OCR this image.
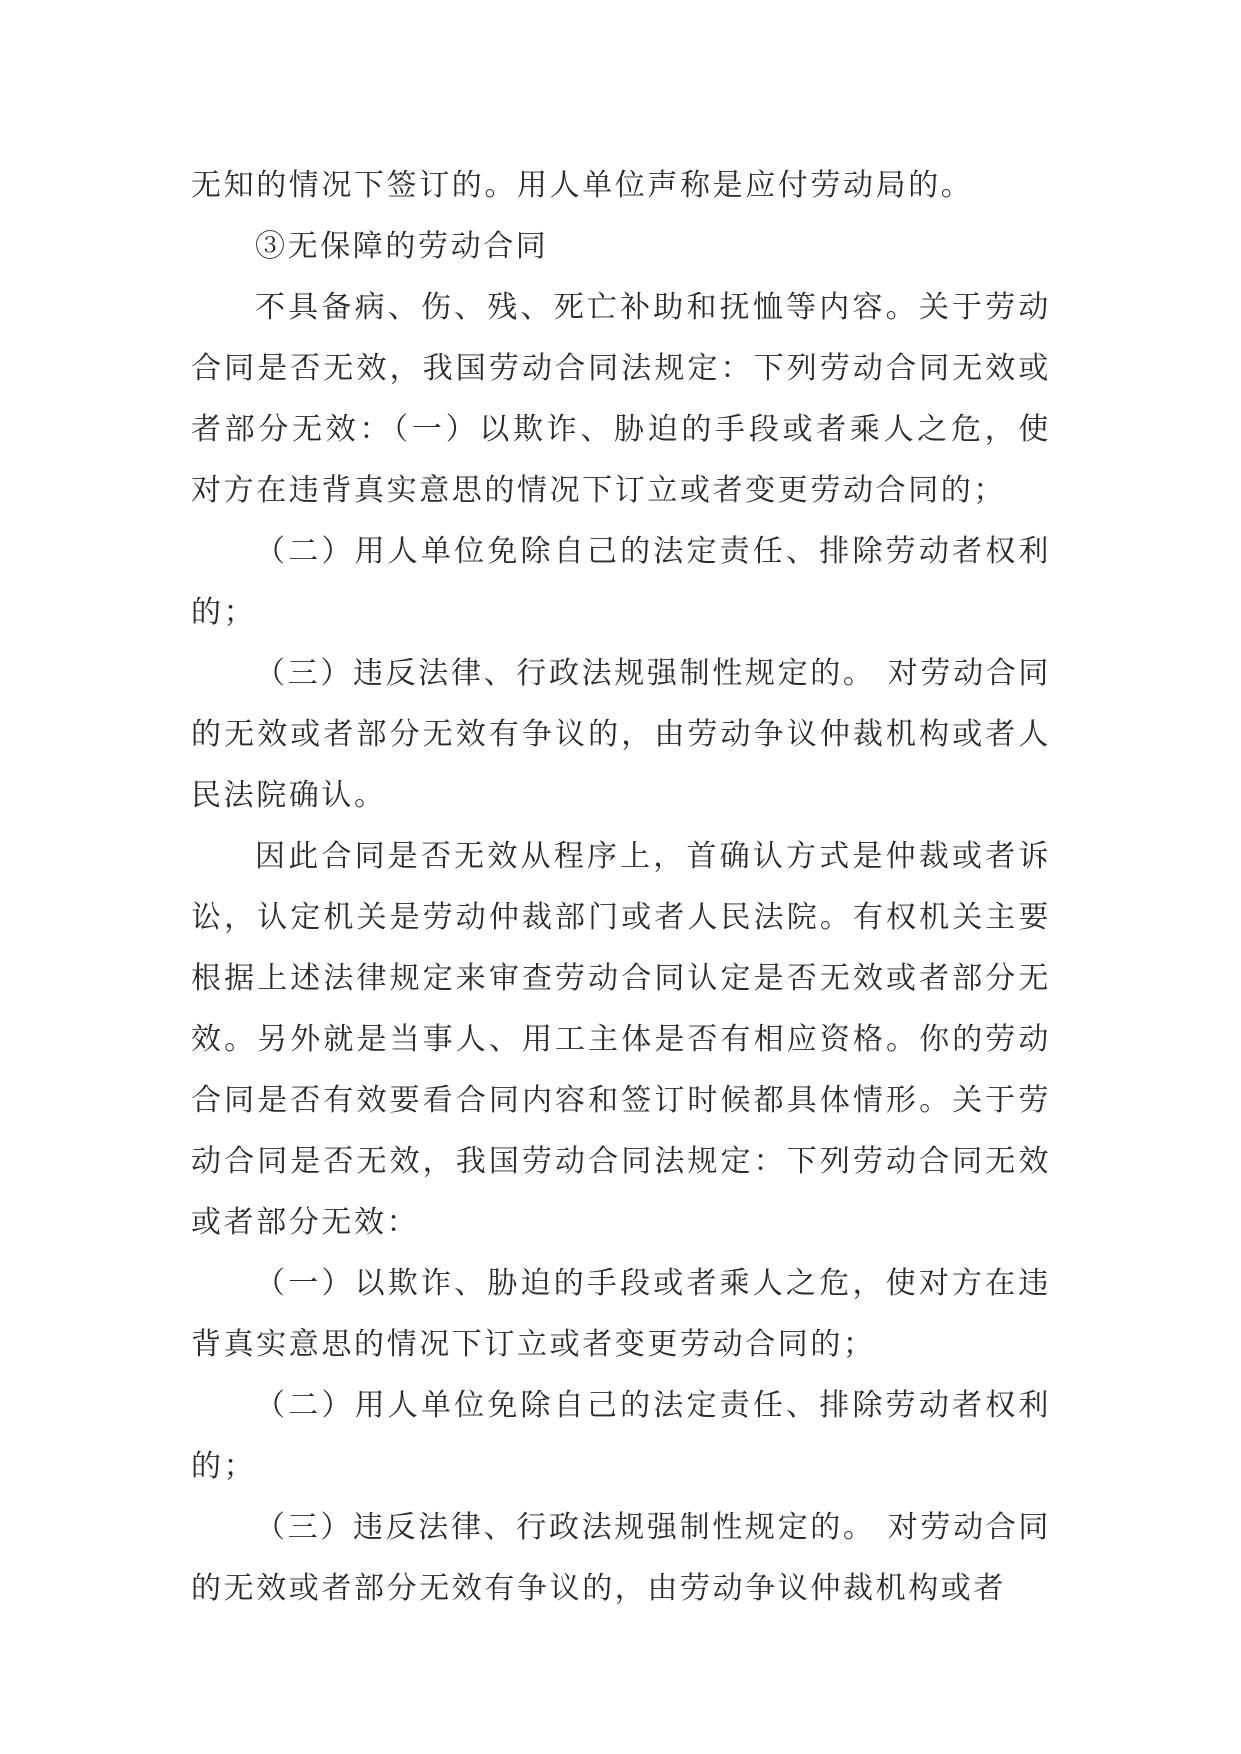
无知的情况下签订的。用人单位声称是应付劳动局的。

③无保障的劳动合同

不具备病、伤、残、死亡补助和抚恤等内容。关于劳动合同是否无效，我国劳动合同法规定：下列劳动合同无效或者部分无效：（一）以欺诈、胁迫的手段或者乘人之危，使对方在违背真实意思的情况下订立或者变更劳动合同的；

（二）用人单位免除自己的法定责任、排除劳动者权利的；

（三）违反法律、行政法规强制性规定的。 对劳动合同的无效或者部分无效有争议的，由劳动争议仲裁机构或者人民法院确认。

因此合同是否无效从程序上，首确认方式是仲裁或者诉讼，认定机关是劳动仲裁部门或者人民法院。有权机关主要根据上述法律规定来审查劳动合同认定是否无效或者部分无效。另外就是当事人、用工主体是否有相应资格。你的劳动合同是否有效要看合同内容和签订时候都具体情形。关于劳动合同是否无效，我国劳动合同法规定：下列劳动合同无效或者部分无效：

（一）以欺诈、胁迫的手段或者乘人之危，使对方在违背真实意思的情况下订立或者变更劳动合同的；

（二）用人单位免除自己的法定责任、排除劳动者权利的；

（三）违反法律、行政法规强制性规定的。 对劳动合同的无效或者部分无效有争议的，由劳动争议仲裁机构或者
